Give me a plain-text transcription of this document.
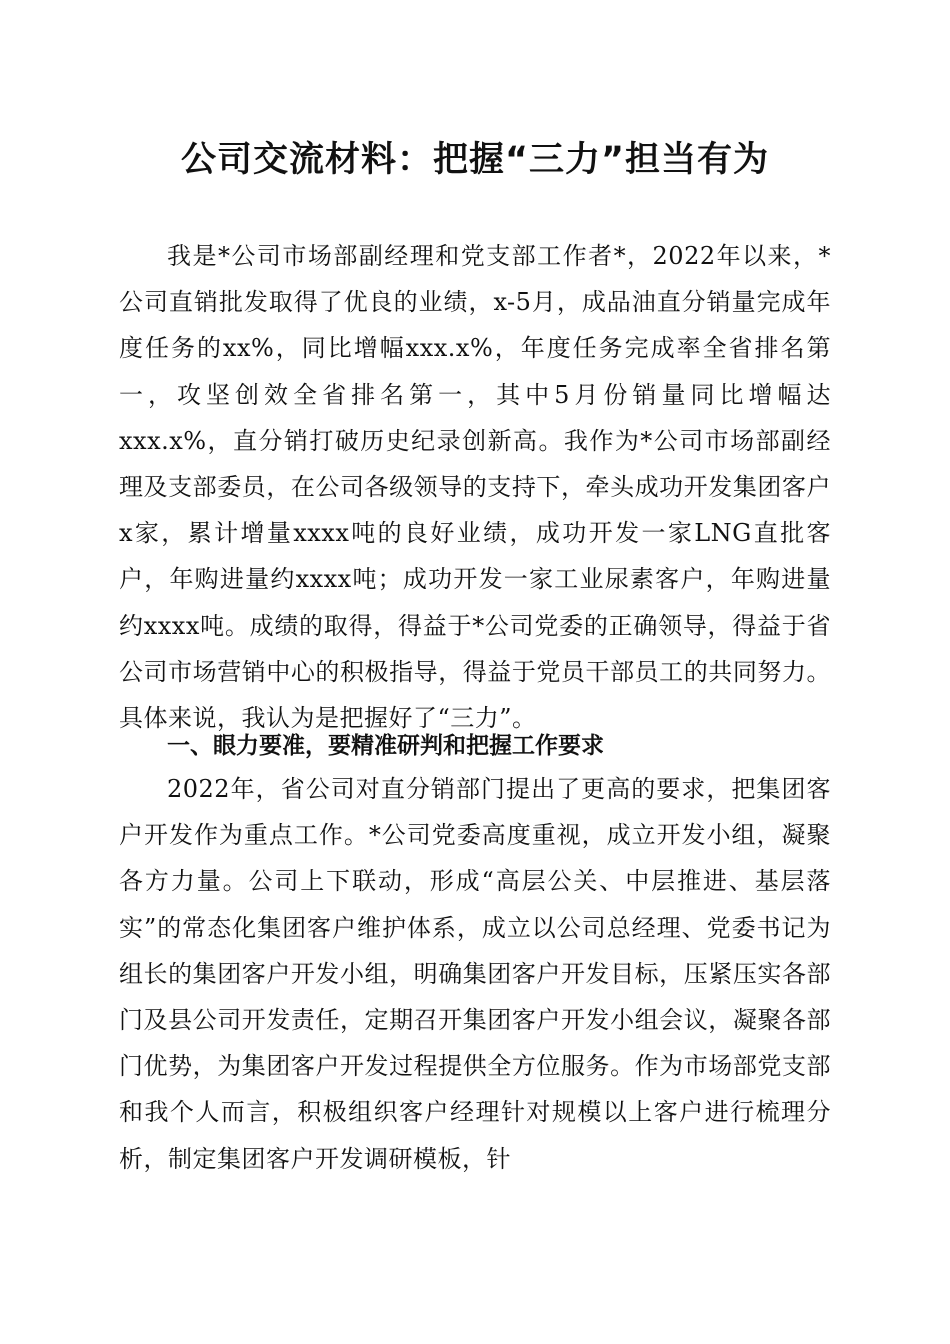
公司交流材料：把握“三力”担当有为

我是*公司市场部副经理和党支部工作者*，2022年以来，*公司直销批发取得了优良的业绩，x-5月，成品油直分销量完成年度任务的xx%，同比增幅xxx.x%，年度任务完成率全省排名第一，攻坚创效全省排名第一，其中5月份销量同比增幅达xxx.x%，直分销打破历史纪录创新高。我作为*公司市场部副经理及支部委员，在公司各级领导的支持下，牵头成功开发集团客户x家，累计增量xxxx吨的良好业绩，成功开发一家LNG直批客户，年购进量约xxxx吨；成功开发一家工业尿素客户，年购进量约xxxx吨。成绩的取得，得益于*公司党委的正确领导，得益于省公司市场营销中心的积极指导，得益于党员干部员工的共同努力。具体来说，我认为是把握好了“三力”。

一、眼力要准，要精准研判和把握工作要求

2022年，省公司对直分销部门提出了更高的要求，把集团客户开发作为重点工作。*公司党委高度重视，成立开发小组，凝聚各方力量。公司上下联动，形成“高层公关、中层推进、基层落实”的常态化集团客户维护体系，成立以公司总经理、党委书记为组长的集团客户开发小组，明确集团客户开发目标，压紧压实各部门及县公司开发责任，定期召开集团客户开发小组会议，凝聚各部门优势，为集团客户开发过程提供全方位服务。作为市场部党支部和我个人而言，积极组织客户经理针对规模以上客户进行梳理分析，制定集团客户开发调研模板，针
